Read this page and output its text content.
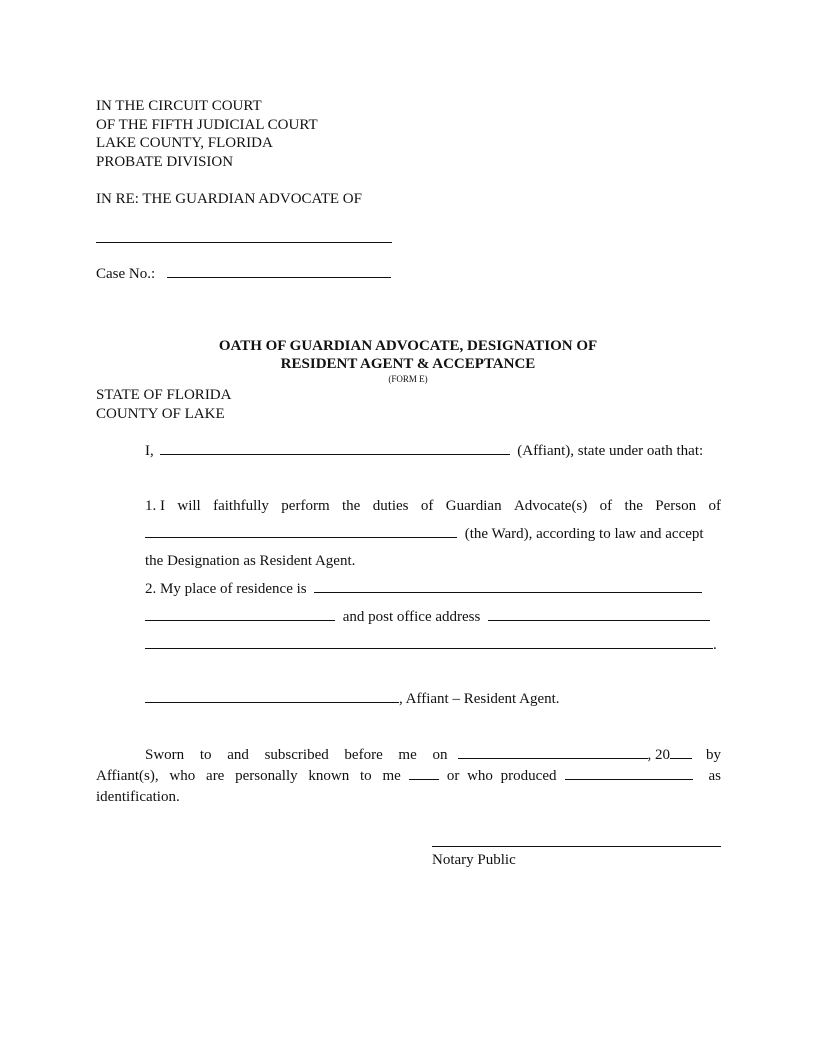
IN THE CIRCUIT COURT
OF THE FIFTH JUDICIAL COURT
LAKE COUNTY, FLORIDA
PROBATE DIVISION
IN RE: THE GUARDIAN ADVOCATE OF
Case No.:
OATH OF GUARDIAN ADVOCATE, DESIGNATION OF
RESIDENT AGENT & ACCEPTANCE
(FORM E)
STATE OF FLORIDA
COUNTY OF LAKE
I,	(Affiant), state under oath that:
1. I will faithfully perform the duties of Guardian Advocate(s) of the Person of
(the Ward), according to law and accept
the Designation as Resident Agent.
2. My place of residence is
and post office address
.
, Affiant – Resident Agent.
Sworn to and subscribed before me on	, 20 by
Affiant(s), who are personally known to me	or who produced	as
identification.
Notary Public
